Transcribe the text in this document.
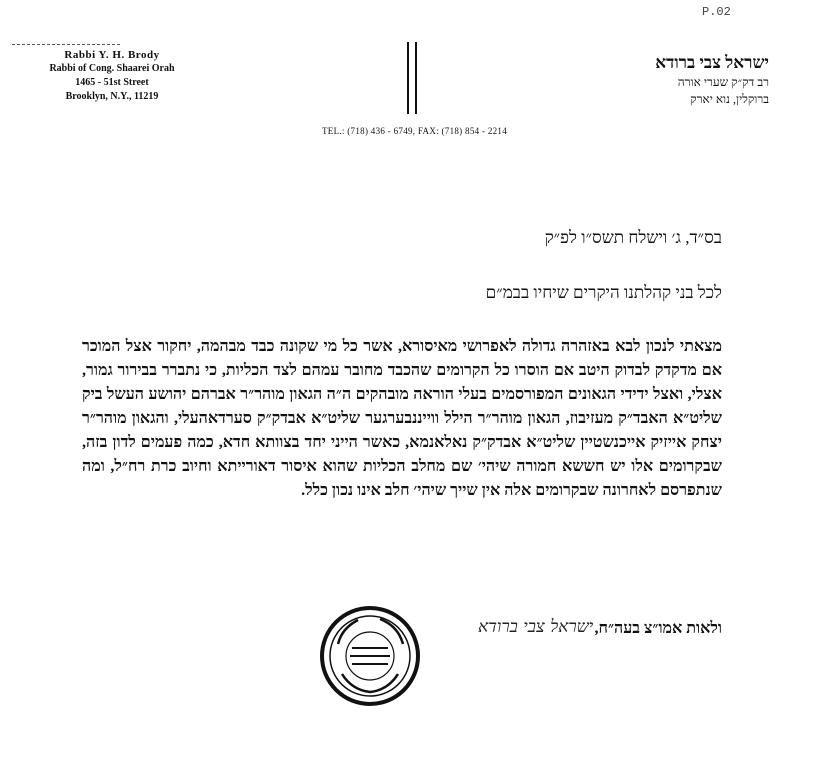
P.02
Rabbi Y. H. Brody
Rabbi of Cong. Shaarei Orah
1465 - 51st Street
Brooklyn, N.Y., 11219
ישראל צבי ברודא
רב דק״ק שערי אורה
ברוקלין, נוא יארק
TEL.: (718) 436 - 6749, FAX: (718) 854 - 2214
בס״ד, ג׳ וישלח תשס״ו לפ״ק
לכל בני קהלתנו היקרים שיחיו בבמ״ם

מצאתי לנכון לבא באזהרה גדולה לאפרושי מאיסורא, אשר כל מי שקונה כבד מבהמה, יחקור אצל המוכר אם מדקדק לבדוק היטב אם הוסרו כל הקרומים שהכבד מחובר עמהם לצד הכליות, כי נתברר בבירור גמור, אצלי, ואצל ידידי הגאונים המפורסמים בעלי הוראה מובהקים ה״ה הגאון מוהר״ר אברהם יהושע העשל ביק שליט״א האבד״ק מעזיבוז, הגאון מוהר״ר הילל ווייננבערגער שליט״א אבדק״ק סערדאהעלי, והגאון מוהר״ר יצחק אייזיק אייכנשטיין שליט״א אבדק״ק נאלאנמא, כאשר הייני יחד בצוותא חדא, כמה פעמים לדון בזה, שבקרומים אלו יש חששא חמורה שיהי׳ שם מחלב הכליות שהוא איסור דאורייתא וחיוב כרת רח״ל, ומה שנתפרסם לאחרונה שבקרומים אלה אין שייך שיהי׳ חלב אינו נכון כלל.

ולאות אמו״צ בעה״ח,
ישראל צבי ברודא
